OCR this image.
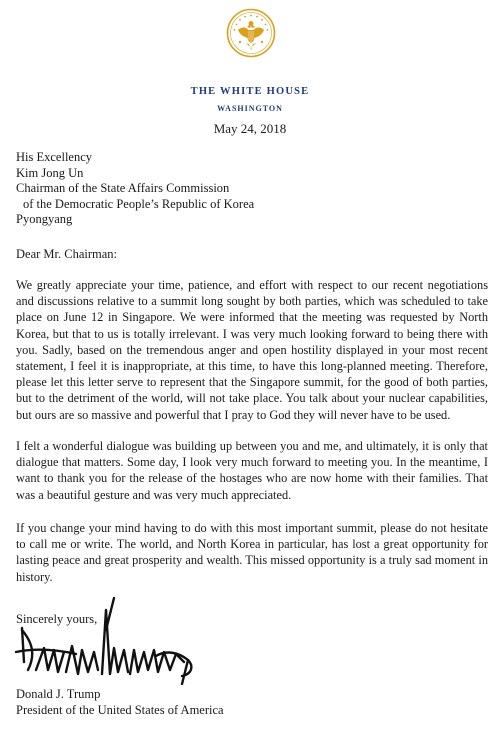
THE WHITE HOUSE
WASHINGTON
May 24, 2018
His Excellency
Kim Jong Un
Chairman of the State Affairs Commission
of the Democratic People’s Republic of Korea
Pyongyang
Dear Mr. Chairman:

We greatly appreciate your time, patience, and effort with respect to our recent negotiations and discussions relative to a summit long sought by both parties, which was scheduled to take place on June 12 in Singapore. We were informed that the meeting was requested by North Korea, but that to us is totally irrelevant. I was very much looking forward to being there with you. Sadly, based on the tremendous anger and open hostility displayed in your most recent statement, I feel it is inappropriate, at this time, to have this long-planned meeting. Therefore, please let this letter serve to represent that the Singapore summit, for the good of both parties, but to the detriment of the world, will not take place. You talk about your nuclear capabilities, but ours are so massive and powerful that I pray to God they will never have to be used.

I felt a wonderful dialogue was building up between you and me, and ultimately, it is only that dialogue that matters. Some day, I look very much forward to meeting you. In the meantime, I want to thank you for the release of the hostages who are now home with their families. That was a beautiful gesture and was very much appreciated.

If you change your mind having to do with this most important summit, please do not hesitate to call me or write. The world, and North Korea in particular, has lost a great opportunity for lasting peace and great prosperity and wealth. This missed opportunity is a truly sad moment in history.

Sincerely yours,
Donald J. Trump
President of the United States of America
